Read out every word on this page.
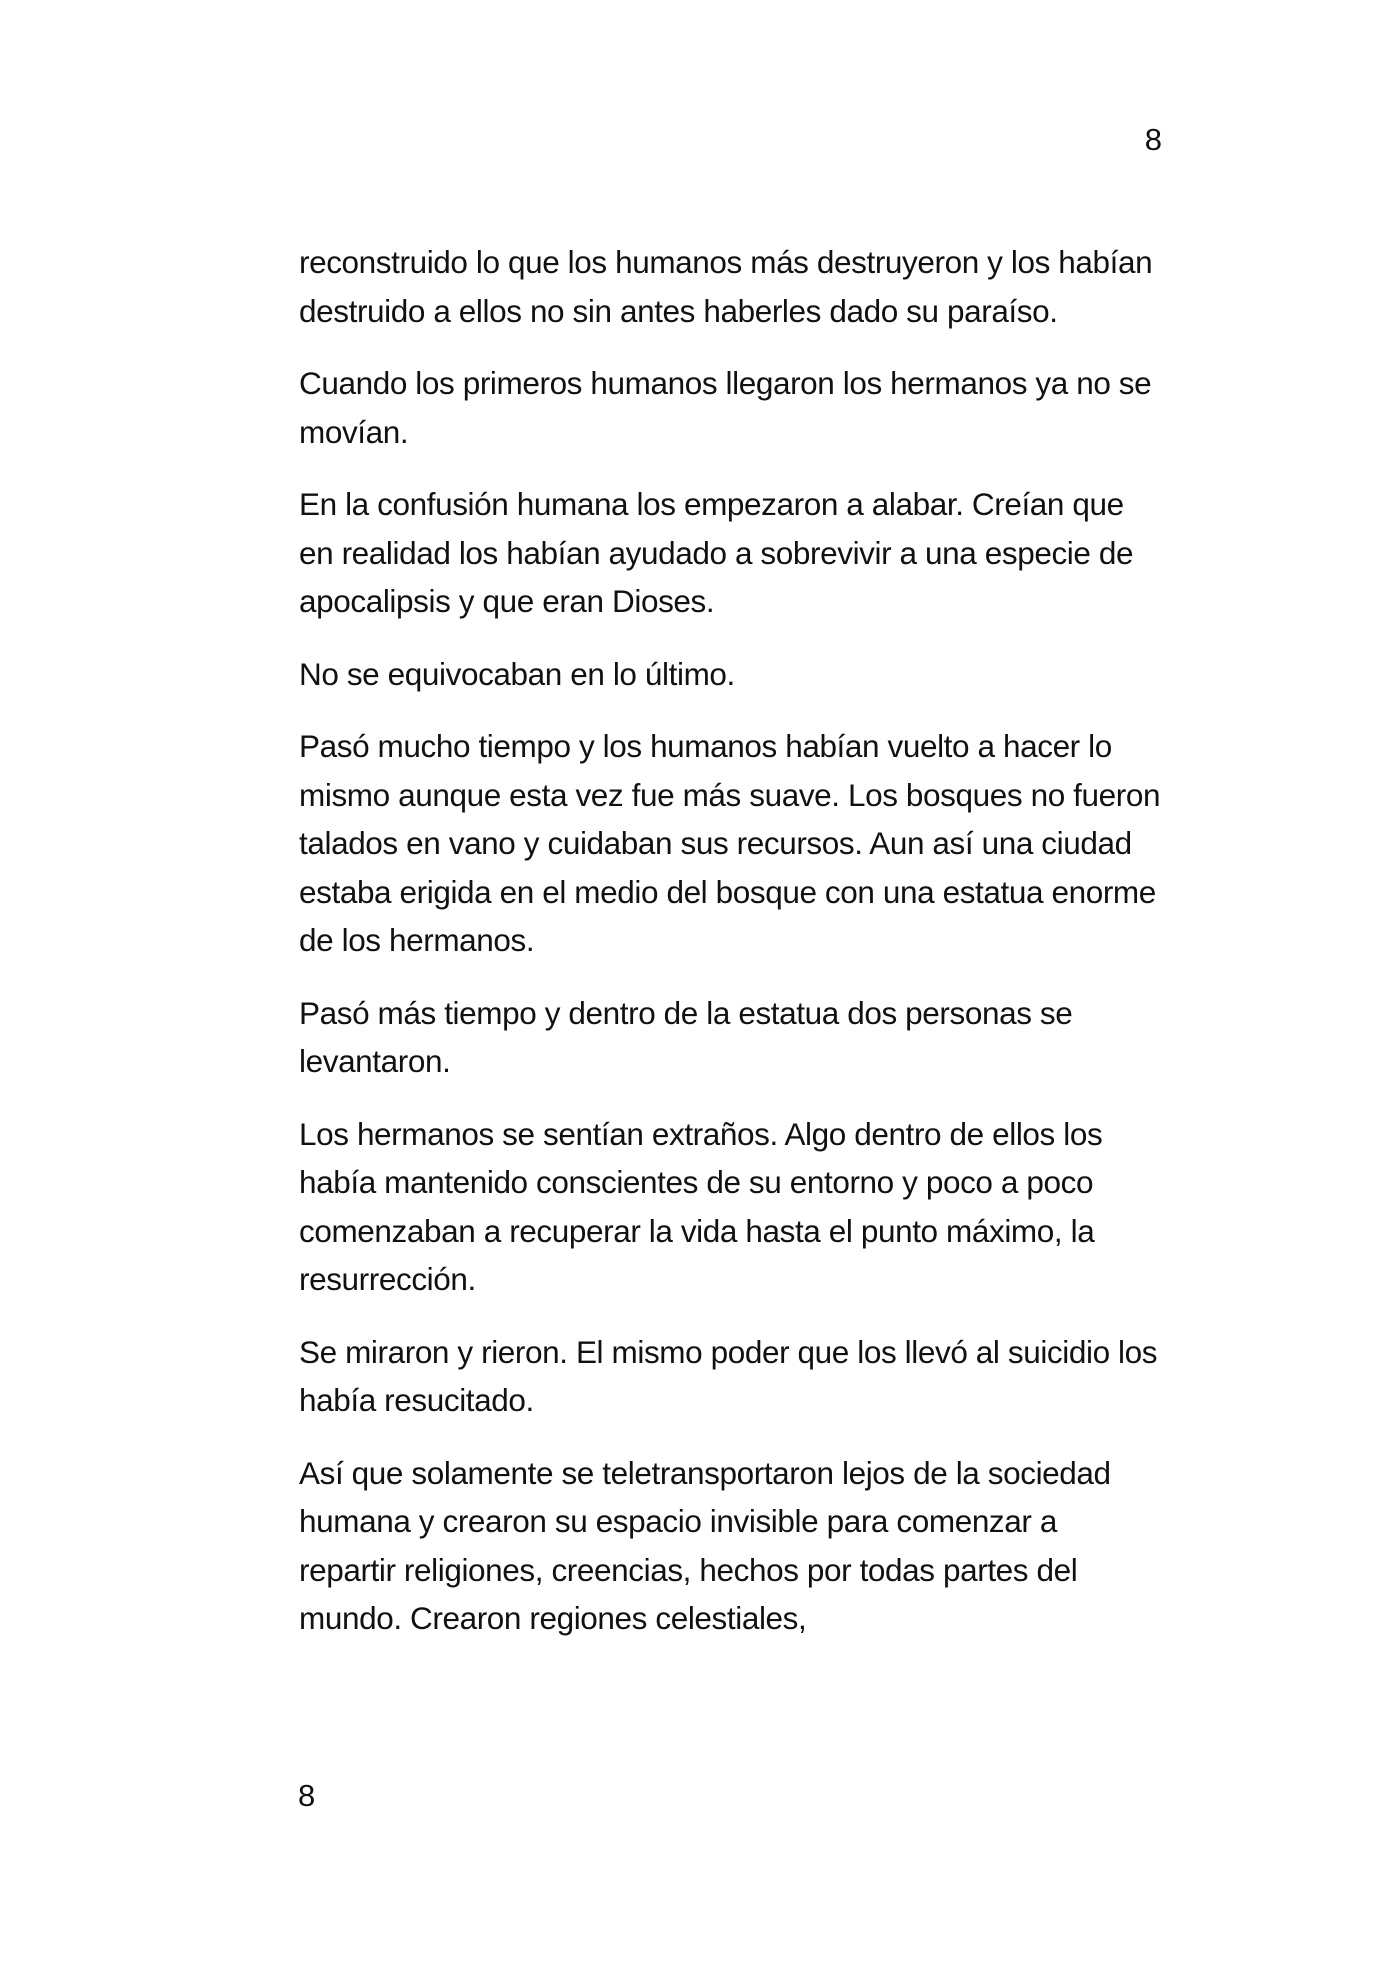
8

reconstruido lo que los humanos más destruyeron y los habían destruido a ellos no sin antes haberles dado su paraíso.

Cuando los primeros humanos llegaron los hermanos ya no se movían.

En la confusión humana los empezaron a alabar. Creían que en realidad los habían ayudado a sobrevivir a una especie de apocalipsis y que eran Dioses.

No se equivocaban en lo último.

Pasó mucho tiempo y los humanos habían vuelto a hacer lo mismo aunque esta vez fue más suave. Los bosques no fueron talados en vano y cuidaban sus recursos. Aun así una ciudad estaba erigida en el medio del bosque con una estatua enorme de los hermanos.

Pasó más tiempo y dentro de la estatua dos personas se levantaron.

Los hermanos se sentían extraños. Algo dentro de ellos los había mantenido conscientes de su entorno y poco a poco comenzaban a recuperar la vida hasta el punto máximo, la resurrección.

Se miraron y rieron. El mismo poder que los llevó al suicidio los había resucitado.

Así que solamente se teletransportaron lejos de la sociedad humana y crearon su espacio invisible para comenzar a repartir religiones, creencias, hechos por todas partes del mundo. Crearon regiones celestiales,

8
